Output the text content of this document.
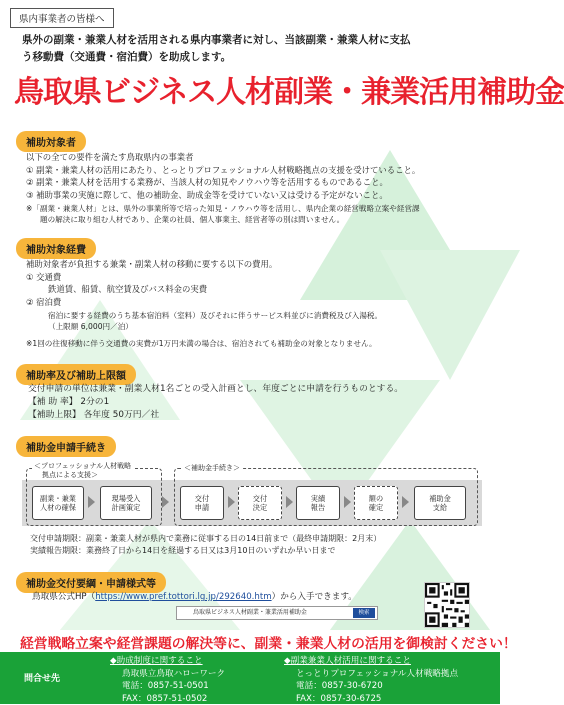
県内事業者の皆様へ
県外の副業・兼業人材を活用される県内事業者に対し、当該副業・兼業人材に支払
う移動費（交通費・宿泊費）を助成します。
鳥取県ビジネス人材副業・兼業活用補助金
補助対象者
以下の全ての要件を満たす鳥取県内の事業者
① 副業・兼業人材の活用にあたり、とっとりプロフェッショナル人材戦略拠点の支援を受けていること。
② 副業・兼業人材を活用する業務が、当該人材の知見やノウハウ等を活用するものであること。
③ 補助事業の実施に際して、他の補助金、助成金等を受けていない又は受ける予定がないこと。
※「副業・兼業人材」とは、県外の事業所等で培った知見・ノウハウ等を活用し、県内企業の経営戦略立案や経営課
題の解決に取り組む人材であり、企業の社員、個人事業主、経営者等の別は問いません。
補助対象経費
補助対象者が負担する兼業・副業人材の移動に要する以下の費用。
① 交通費
鉄道賃、船賃、航空賃及びバス料金の実費
② 宿泊費
宿泊に要する経費のうち基本宿泊料（室料）及びそれに伴うサービス料並びに消費税及び入湯税。
（上限額 6,000円／泊）
※1回の往復移動に伴う交通費の実費が1万円未満の場合は、宿泊されても補助金の対象となりません。
補助率及び補助上限額
交付申請の単位は兼業・副業人材1名ごとの受入計画とし、年度ごとに申請を行うものとする。
【補 助 率】 2分の1
【補助上限】 各年度 50万円／社
補助金申請手続き
＜プロフェッショナル人材戦略
拠点による支援＞
＜補助金手続き＞
副業・兼業
人材の確保
現場受入
計画策定
交付
申請
交付
決定
実績
報告
額の
確定
補助金
支給
交付申請期限：副業・兼業人材が県内で業務に従事する日の14日前まで（最終申請期限：2月末）
実績報告期限：業務終了日から14日を経過する日又は3月10日のいずれか早い日まで
補助金交付要綱・申請様式等
鳥取県公式HP（https://www.pref.tottori.lg.jp/292640.htm）から入手できます。
鳥取県ビジネス人材副業・兼業活用補助金	検索
経営戦略立案や経営課題の解決等に、副業・兼業人材の活用を御検討ください！
問合せ先
◆助成制度に関すること
鳥取県立鳥取ハローワーク
電話：0857-51-0501
FAX：0857-51-0502
◆副業兼業人材活用に関すること
とっとりプロフェッショナル人材戦略拠点
電話：0857-30-6720
FAX：0857-30-6725
